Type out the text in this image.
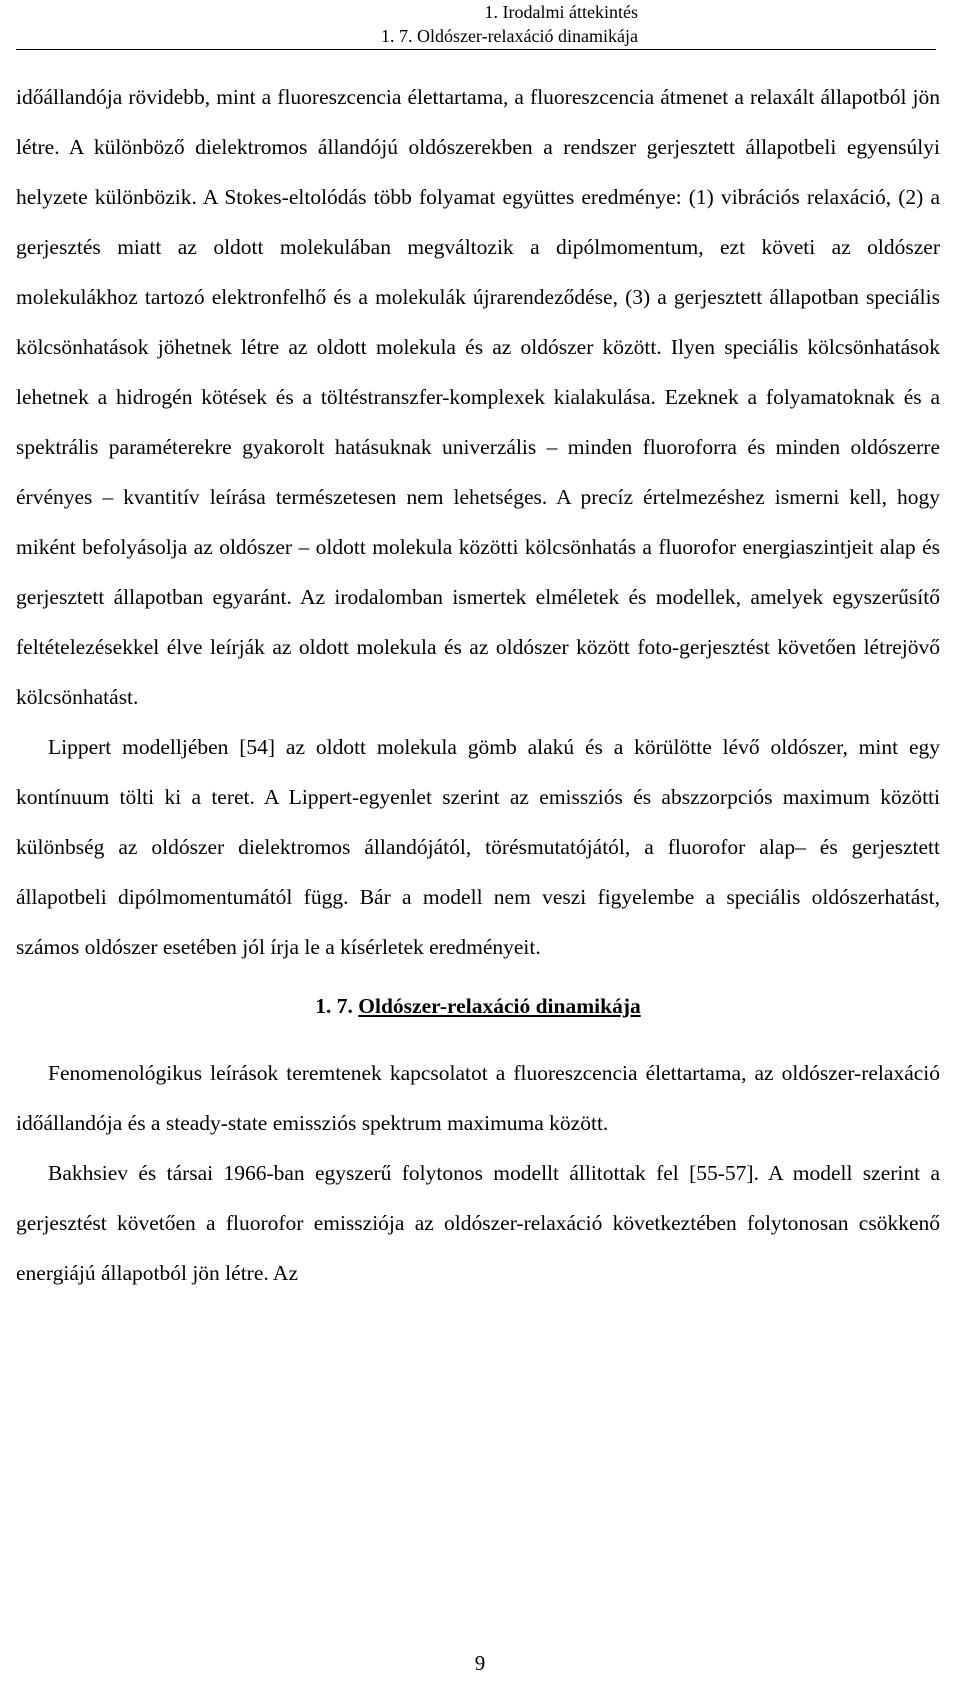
1. Irodalmi áttekintés
1. 7. Oldószer-relaxáció dinamikája

időállandója rövidebb, mint a fluoreszcencia élettartama, a fluoreszcencia átmenet a relaxált állapotból jön létre. A különböző dielektromos állandójú oldószerekben a rendszer gerjesztett állapotbeli egyensúlyi helyzete különbözik. A Stokes-eltolódás több folyamat együttes eredménye: (1) vibrációs relaxáció, (2) a gerjesztés miatt az oldott molekulában megváltozik a dipólmomentum, ezt követi az oldószer molekulákhoz tartozó elektronfelhő és a molekulák újrarendeződése, (3) a gerjesztett állapotban speciális kölcsönhatások jöhetnek létre az oldott molekula és az oldószer között. Ilyen speciális kölcsönhatások lehetnek a hidrogén kötések és a töltéstranszfer-komplexek kialakulása. Ezeknek a folyamatoknak és a spektrális paraméterekre gyakorolt hatásuknak univerzális – minden fluoroforra és minden oldószerre érvényes – kvantitív leírása természetesen nem lehetséges. A precíz értelmezéshez ismerni kell, hogy miként befolyásolja az oldószer – oldott molekula közötti kölcsönhatás a fluorofor energiaszintjeit alap és gerjesztett állapotban egyaránt. Az irodalomban ismertek elméletek és modellek, amelyek egyszerűsítő feltételezésekkel élve leírják az oldott molekula és az oldószer között foto-gerjesztést követően létrejövő kölcsönhatást.

Lippert modelljében [54] az oldott molekula gömb alakú és a körülötte lévő oldószer, mint egy kontínuum tölti ki a teret. A Lippert-egyenlet szerint az emissziós és abszzorpciós maximum közötti különbség az oldószer dielektromos állandójától, törésmutatójától, a fluorofor alap– és gerjesztett állapotbeli dipólmomentumától függ. Bár a modell nem veszi figyelembe a speciális oldószerhatást, számos oldószer esetében jól írja le a kísérletek eredményeit.

1. 7. Oldószer-relaxáció dinamikája

Fenomenológikus leírások teremtenek kapcsolatot a fluoreszcencia élettartama, az oldószer-relaxáció időállandója és a steady-state emissziós spektrum maximuma között.

Bakhsiev és társai 1966-ban egyszerű folytonos modellt állitottak fel [55-57]. A modell szerint a gerjesztést követően a fluorofor emissziója az oldószer-relaxáció következtében folytonosan csökkenő energiájú állapotból jön létre. Az

9
